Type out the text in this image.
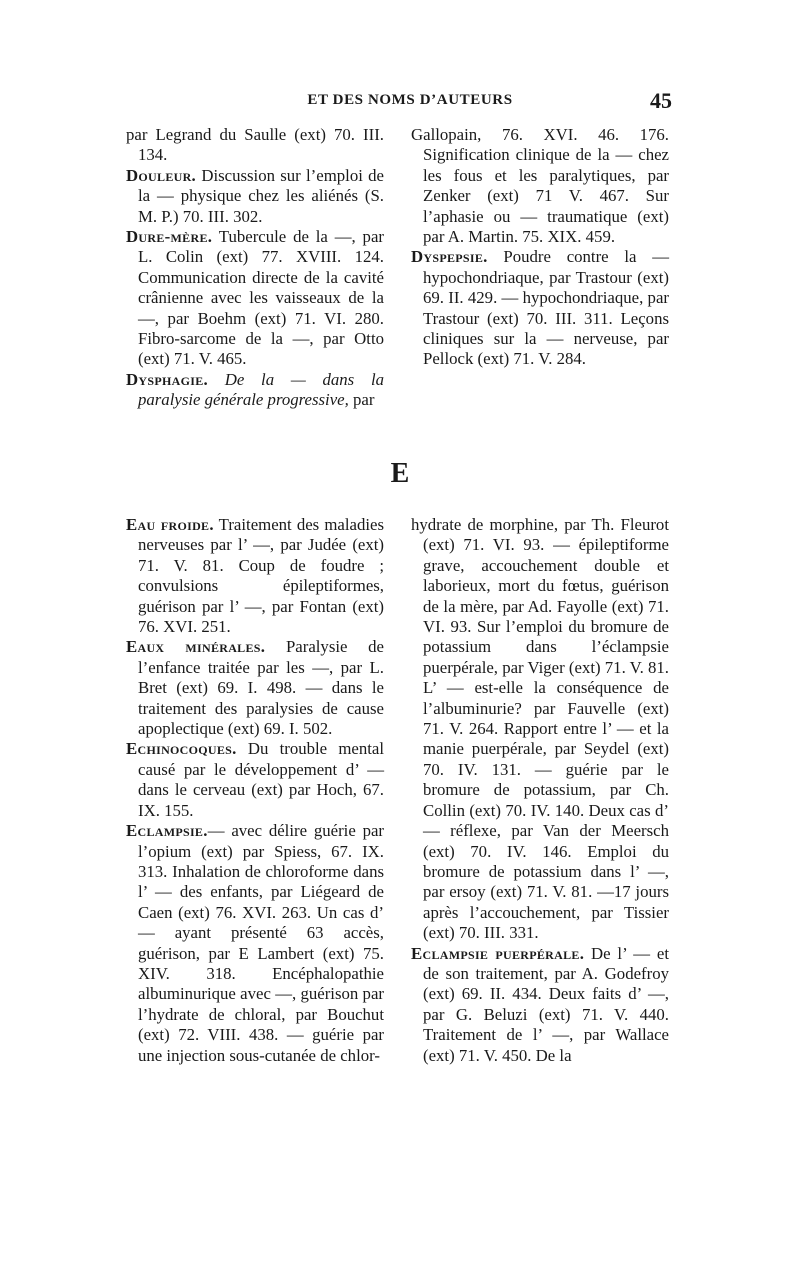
ET DES NOMS D’AUTEURS	45

par Legrand du Saulle (ext) 70. III. 134.

Douleur. Discussion sur l’emploi de la — physique chez les aliénés (S. M. P.) 70. III. 302.

Dure-mère. Tubercule de la —, par L. Colin (ext) 77. XVIII. 124. Communication directe de la cavité crânienne avec les vaisseaux de la —, par Boehm (ext) 71. VI. 280. Fibro-sarcome de la —, par Otto (ext) 71. V. 465.

Dysphagie. De la — dans la paralysie générale progressive, par

Gallopain, 76. XVI. 46. 176. Signification clinique de la — chez les fous et les paralytiques, par Zenker (ext) 71 V. 467. Sur l’aphasie ou — traumatique (ext) par A. Martin. 75. XIX. 459.

Dyspepsie. Poudre contre la — hypochondriaque, par Trastour (ext) 69. II. 429. — hypochondriaque, par Trastour (ext) 70. III. 311. Leçons cliniques sur la — nerveuse, par Pellock (ext) 71. V. 284.

E

Eau froide. Traitement des maladies nerveuses par l’ —, par Judée (ext) 71. V. 81. Coup de foudre ; convulsions épileptiformes, guérison par l’ —, par Fontan (ext) 76. XVI. 251.

Eaux minérales. Paralysie de l’enfance traitée par les —, par L. Bret (ext) 69. I. 498. — dans le traitement des paralysies de cause apoplectique (ext) 69. I. 502.

Echinocoques. Du trouble mental causé par le développement d’ — dans le cerveau (ext) par Hoch, 67. IX. 155.

Eclampsie.— avec délire guérie par l’opium (ext) par Spiess, 67. IX. 313. Inhalation de chloroforme dans l’ — des enfants, par Liégeard de Caen (ext) 76. XVI. 263. Un cas d’ — ayant présenté 63 accès, guérison, par E Lambert (ext) 75. XIV. 318. Encéphalopathie albuminurique avec —, guérison par l’hydrate de chloral, par Bouchut (ext) 72. VIII. 438. — guérie par une injection sous-cutanée de chlor-

hydrate de morphine, par Th. Fleurot (ext) 71. VI. 93. — épileptiforme grave, accouchement double et laborieux, mort du fœtus, guérison de la mère, par Ad. Fayolle (ext) 71. VI. 93. Sur l’emploi du bromure de potassium dans l’éclampsie puerpérale, par Viger (ext) 71. V. 81. L’ — est-elle la conséquence de l’albuminurie? par Fauvelle (ext) 71. V. 264. Rapport entre l’ — et la manie puerpérale, par Seydel (ext) 70. IV. 131. — guérie par le bromure de potassium, par Ch. Collin (ext) 70. IV. 140. Deux cas d’ — réflexe, par Van der Meersch (ext) 70. IV. 146. Emploi du bromure de potassium dans l’ —, par ersoy (ext) 71. V. 81. —17 jours après l’accouchement, par Tissier (ext) 70. III. 331.

Eclampsie puerpérale. De l’ — et de son traitement, par A. Godefroy (ext) 69. II. 434. Deux faits d’ —, par G. Beluzi (ext) 71. V. 440. Traitement de l’ —, par Wallace (ext) 71. V. 450. De la
